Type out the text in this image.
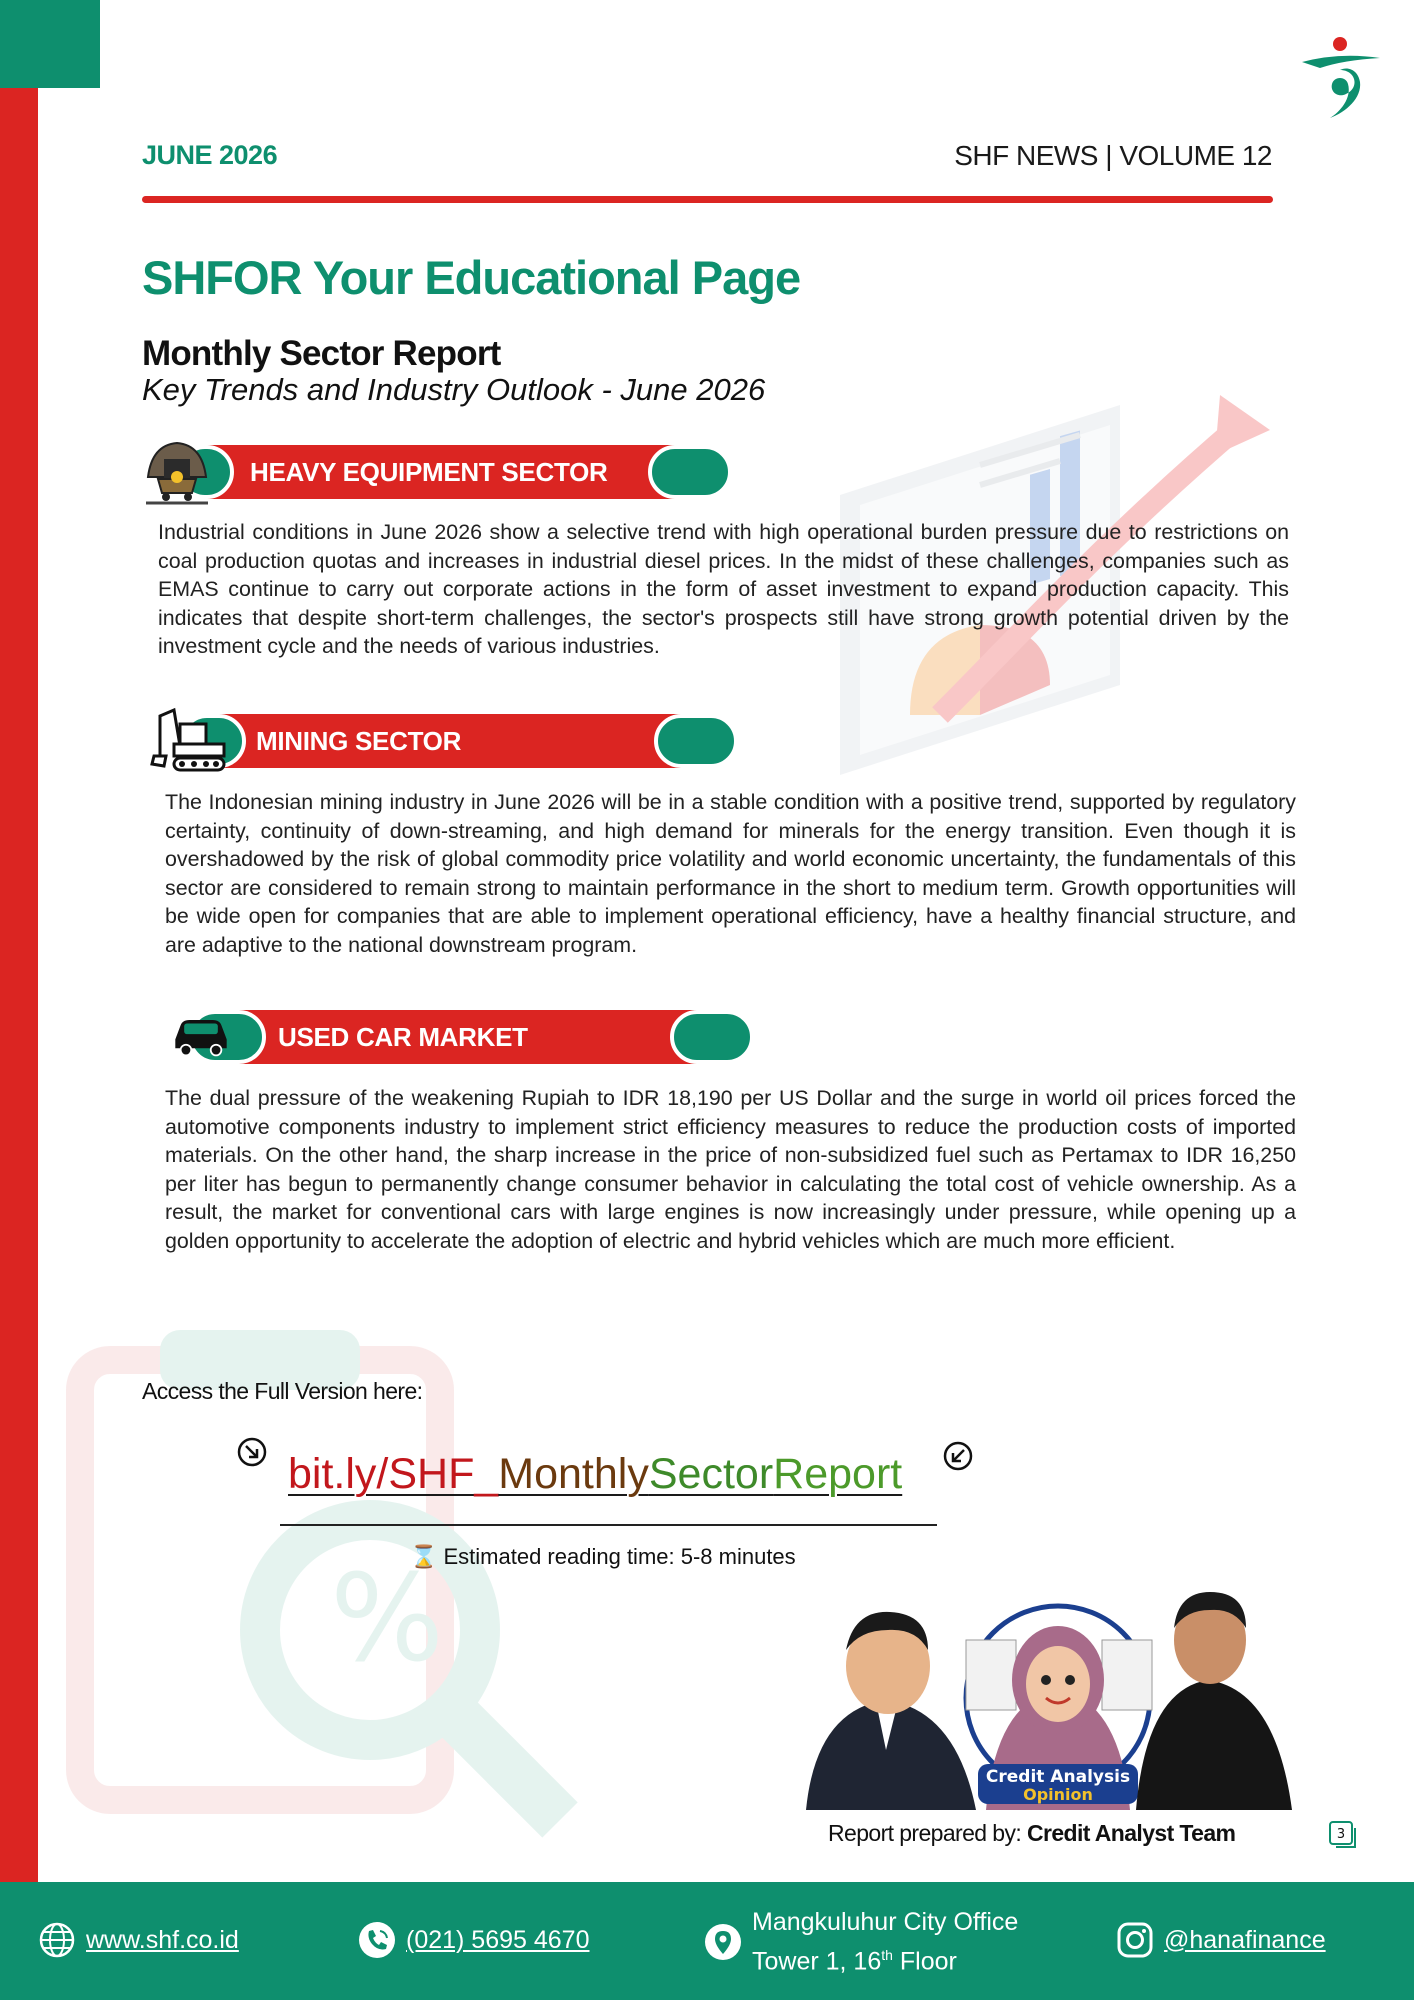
JUNE 2026	SHF NEWS | VOLUME 12
SHFOR Your Educational Page
Monthly Sector Report
Key Trends and Industry Outlook - June 2026
%
HEAVY EQUIPMENT SECTOR
Industrial conditions in June 2026 show a selective trend with high operational burden pressure due to restrictions on coal production quotas and increases in industrial diesel prices. In the midst of these challenges, companies such as EMAS continue to carry out corporate actions in the form of asset investment to expand production capacity. This indicates that despite short-term challenges, the sector's prospects still have strong growth potential driven by the investment cycle and the needs of various industries.
MINING SECTOR
The Indonesian mining industry in June 2026 will be in a stable condition with a positive trend, supported by regulatory certainty, continuity of down-streaming, and high demand for minerals for the energy transition. Even though it is overshadowed by the risk of global commodity price volatility and world economic uncertainty, the fundamentals of this sector are considered to remain strong to maintain performance in the short to medium term. Growth opportunities will be wide open for companies that are able to implement operational efficiency, have a healthy financial structure, and are adaptive to the national downstream program.
USED CAR MARKET
The dual pressure of the weakening Rupiah to IDR 18,190 per US Dollar and the surge in world oil prices forced the automotive components industry to implement strict efficiency measures to reduce the production costs of imported materials. On the other hand, the sharp increase in the price of non-subsidized fuel such as Pertamax to IDR 16,250 per liter has begun to permanently change consumer behavior in calculating the total cost of vehicle ownership. As a result, the market for conventional cars with large engines is now increasingly under pressure, while opening up a golden opportunity to accelerate the adoption of electric and hybrid vehicles which are much more efficient.
Access the Full Version here:
bit.ly/SHF_MonthlySectorReport
⌛ Estimated reading time: 5-8 minutes
Credit Analysis
Opinion
Report prepared by: Credit Analyst Team	3
www.shf.co.id	(021) 5695 4670
Mangkuluhur City Office
Tower 1, 16th Floor
@hanafinance
